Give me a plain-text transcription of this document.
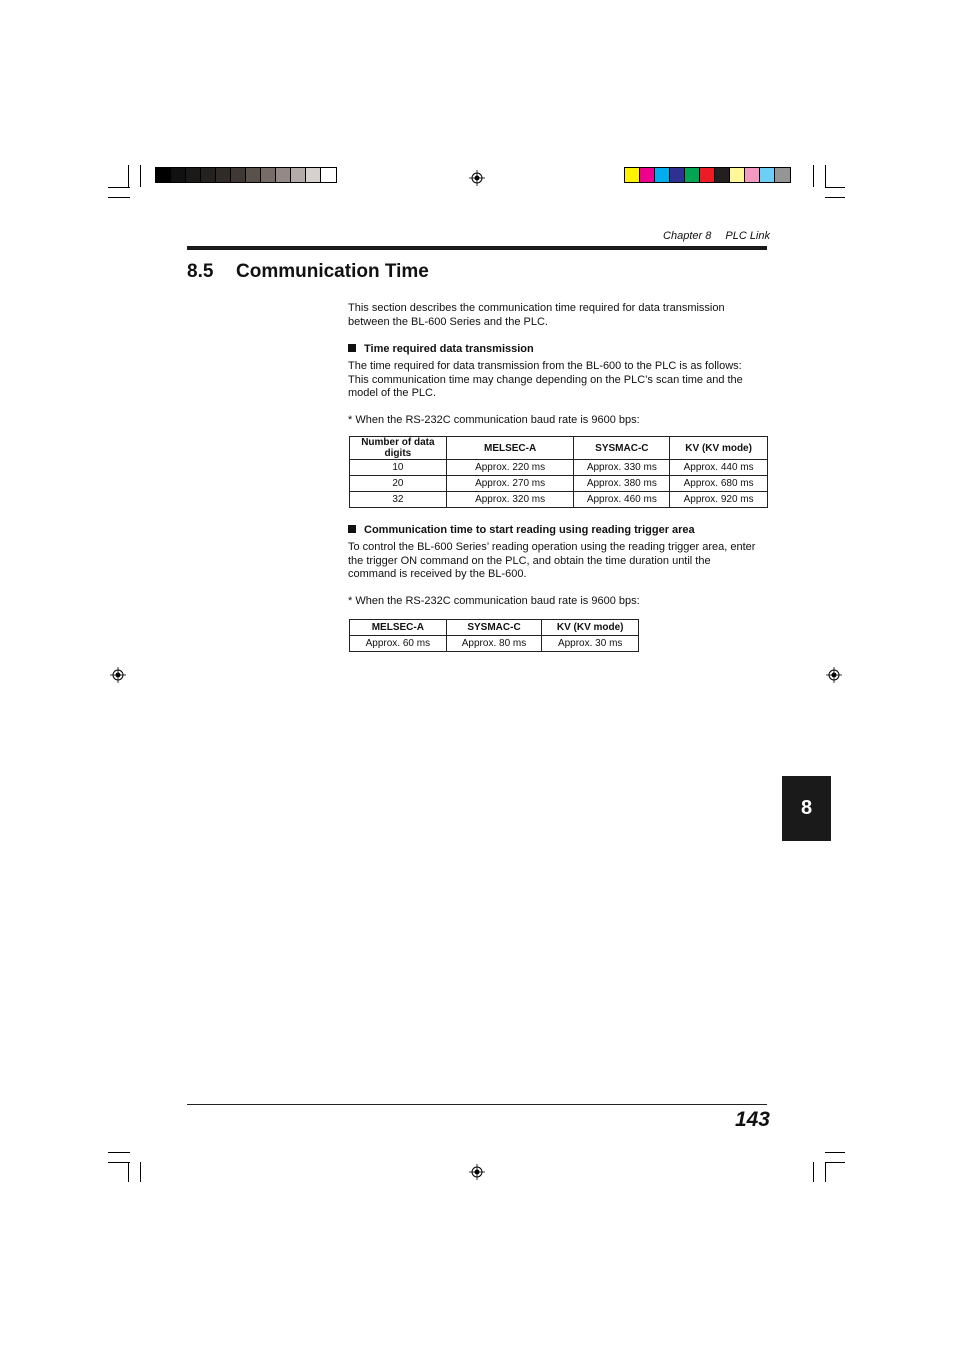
Chapter 8 PLC Link
8.5 Communication Time

This section describes the communication time required for data transmission between the BL-600 Series and the PLC.

Time required data transmission

The time required for data transmission from the BL-600 to the PLC is as follows: This communication time may change depending on the PLC’s scan time and the model of the PLC.

* When the RS-232C communication baud rate is 9600 bps:

Number of data digits	MELSEC-A	SYSMAC-C	KV (KV mode)
10	Approx. 220 ms	Approx. 330 ms	Approx. 440 ms
20	Approx. 270 ms	Approx. 380 ms	Approx. 680 ms
32	Approx. 320 ms	Approx. 460 ms	Approx. 920 ms
Communication time to start reading using reading trigger area

To control the BL-600 Series’ reading operation using the reading trigger area, enter the trigger ON command on the PLC, and obtain the time duration until the command is received by the BL-600.

* When the RS-232C communication baud rate is 9600 bps:

MELSEC-A	SYSMAC-C	KV (KV mode)
Approx. 60 ms	Approx. 80 ms	Approx. 30 ms
8
143
